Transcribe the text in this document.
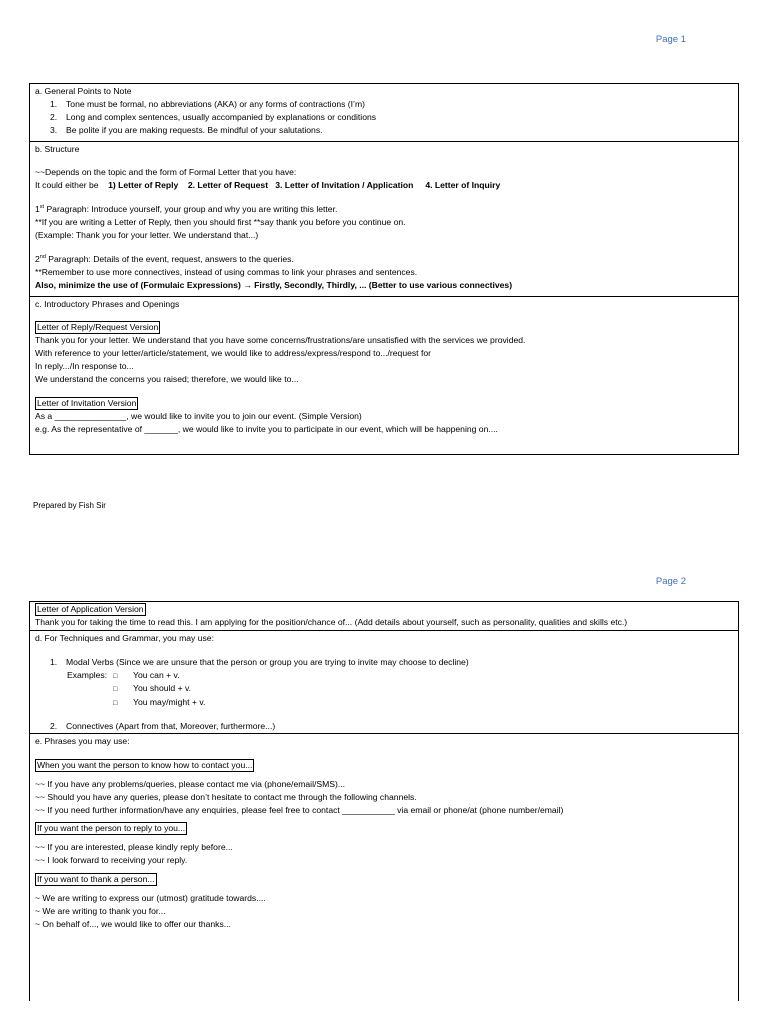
Page 1
a. General Points to Note
1. Tone must be formal, no abbreviations (AKA) or any forms of contractions (I’m)
2. Long and complex sentences, usually accompanied by explanations or conditions
3. Be polite if you are making requests. Be mindful of your salutations.
b. Structure
~~Depends on the topic and the form of Formal Letter that you have:
It could either be 1) Letter of Reply    2. Letter of Request   3. Letter of Invitation / Application     4. Letter of Inquiry
1st Paragraph: Introduce yourself, your group and why you are writing this letter.
**If you are writing a Letter of Reply, then you should first **say thank you before you continue on.
(Example: Thank you for your letter. We understand that...)
2nd Paragraph: Details of the event, request, answers to the queries.
**Remember to use more connectives, instead of using commas to link your phrases and sentences.
Also, minimize the use of (Formulaic Expressions) → Firstly, Secondly, Thirdly, ... (Better to use various connectives)
c. Introductory Phrases and Openings
Letter of Reply/Request Version
Thank you for your letter. We understand that you have some concerns/frustrations/are unsatisfied with the services we provided.
With reference to your letter/article/statement, we would like to address/express/respond to.../request for
In reply.../In response to...
We understand the concerns you raised; therefore, we would like to...
Letter of Invitation Version
As a _______________, we would like to invite you to join our event. (Simple Version)
e.g. As the representative of _______, we would like to invite you to participate in our event, which will be happening on....
Prepared by Fish Sir
Page 2
Letter of Application Version
Thank you for taking the time to read this. I am applying for the position/chance of... (Add details about yourself, such as personality, qualities and skills etc.)
d. For Techniques and Grammar, you may use:
1. Modal Verbs (Since we are unsure that the person or group you are trying to invite may choose to decline)
Examples: □ You can + v.
□ You should + v.
□ You may/might + v.
2. Connectives (Apart from that, Moreover, furthermore...)
e. Phrases you may use:
When you want the person to know how to contact you...
~~ If you have any problems/queries, please contact me via (phone/email/SMS)...
~~ Should you have any queries, please don’t hesitate to contact me through the following channels.
~~ If you need further information/have any enquiries, please feel free to contact ___________ via email or phone/at (phone number/email)
If you want the person to reply to you...
~~ If you are interested, please kindly reply before...
~~ I look forward to receiving your reply.
If you want to thank a person...
~ We are writing to express our (utmost) gratitude towards....
~ We are writing to thank you for...
~ On behalf of..., we would like to offer our thanks...
